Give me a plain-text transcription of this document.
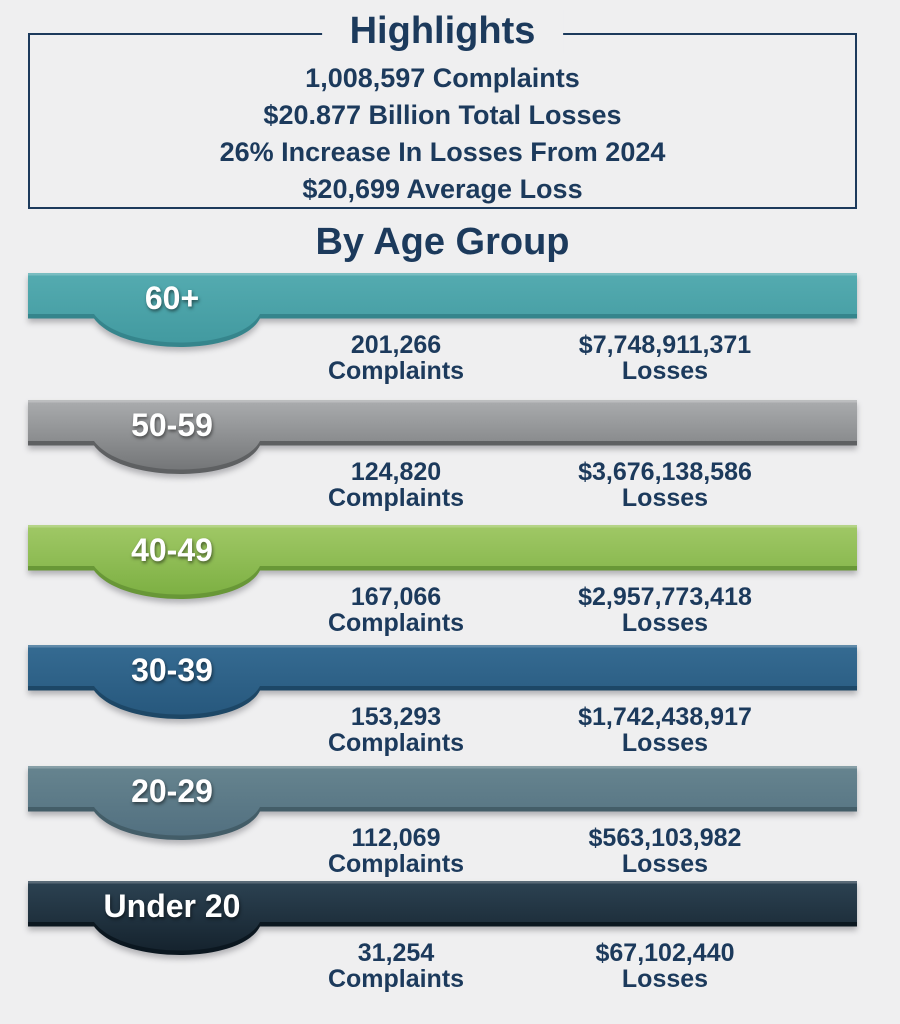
Highlights
1,008,597 Complaints
$20.877 Billion Total Losses
26% Increase In Losses From 2024
$20,699 Average Loss
By Age Group
60+
201,266
Complaints
$7,748,911,371
Losses
50-59
124,820
Complaints
$3,676,138,586
Losses
40-49
167,066
Complaints
$2,957,773,418
Losses
30-39
153,293
Complaints
$1,742,438,917
Losses
20-29
112,069
Complaints
$563,103,982
Losses
Under 20
31,254
Complaints
$67,102,440
Losses
